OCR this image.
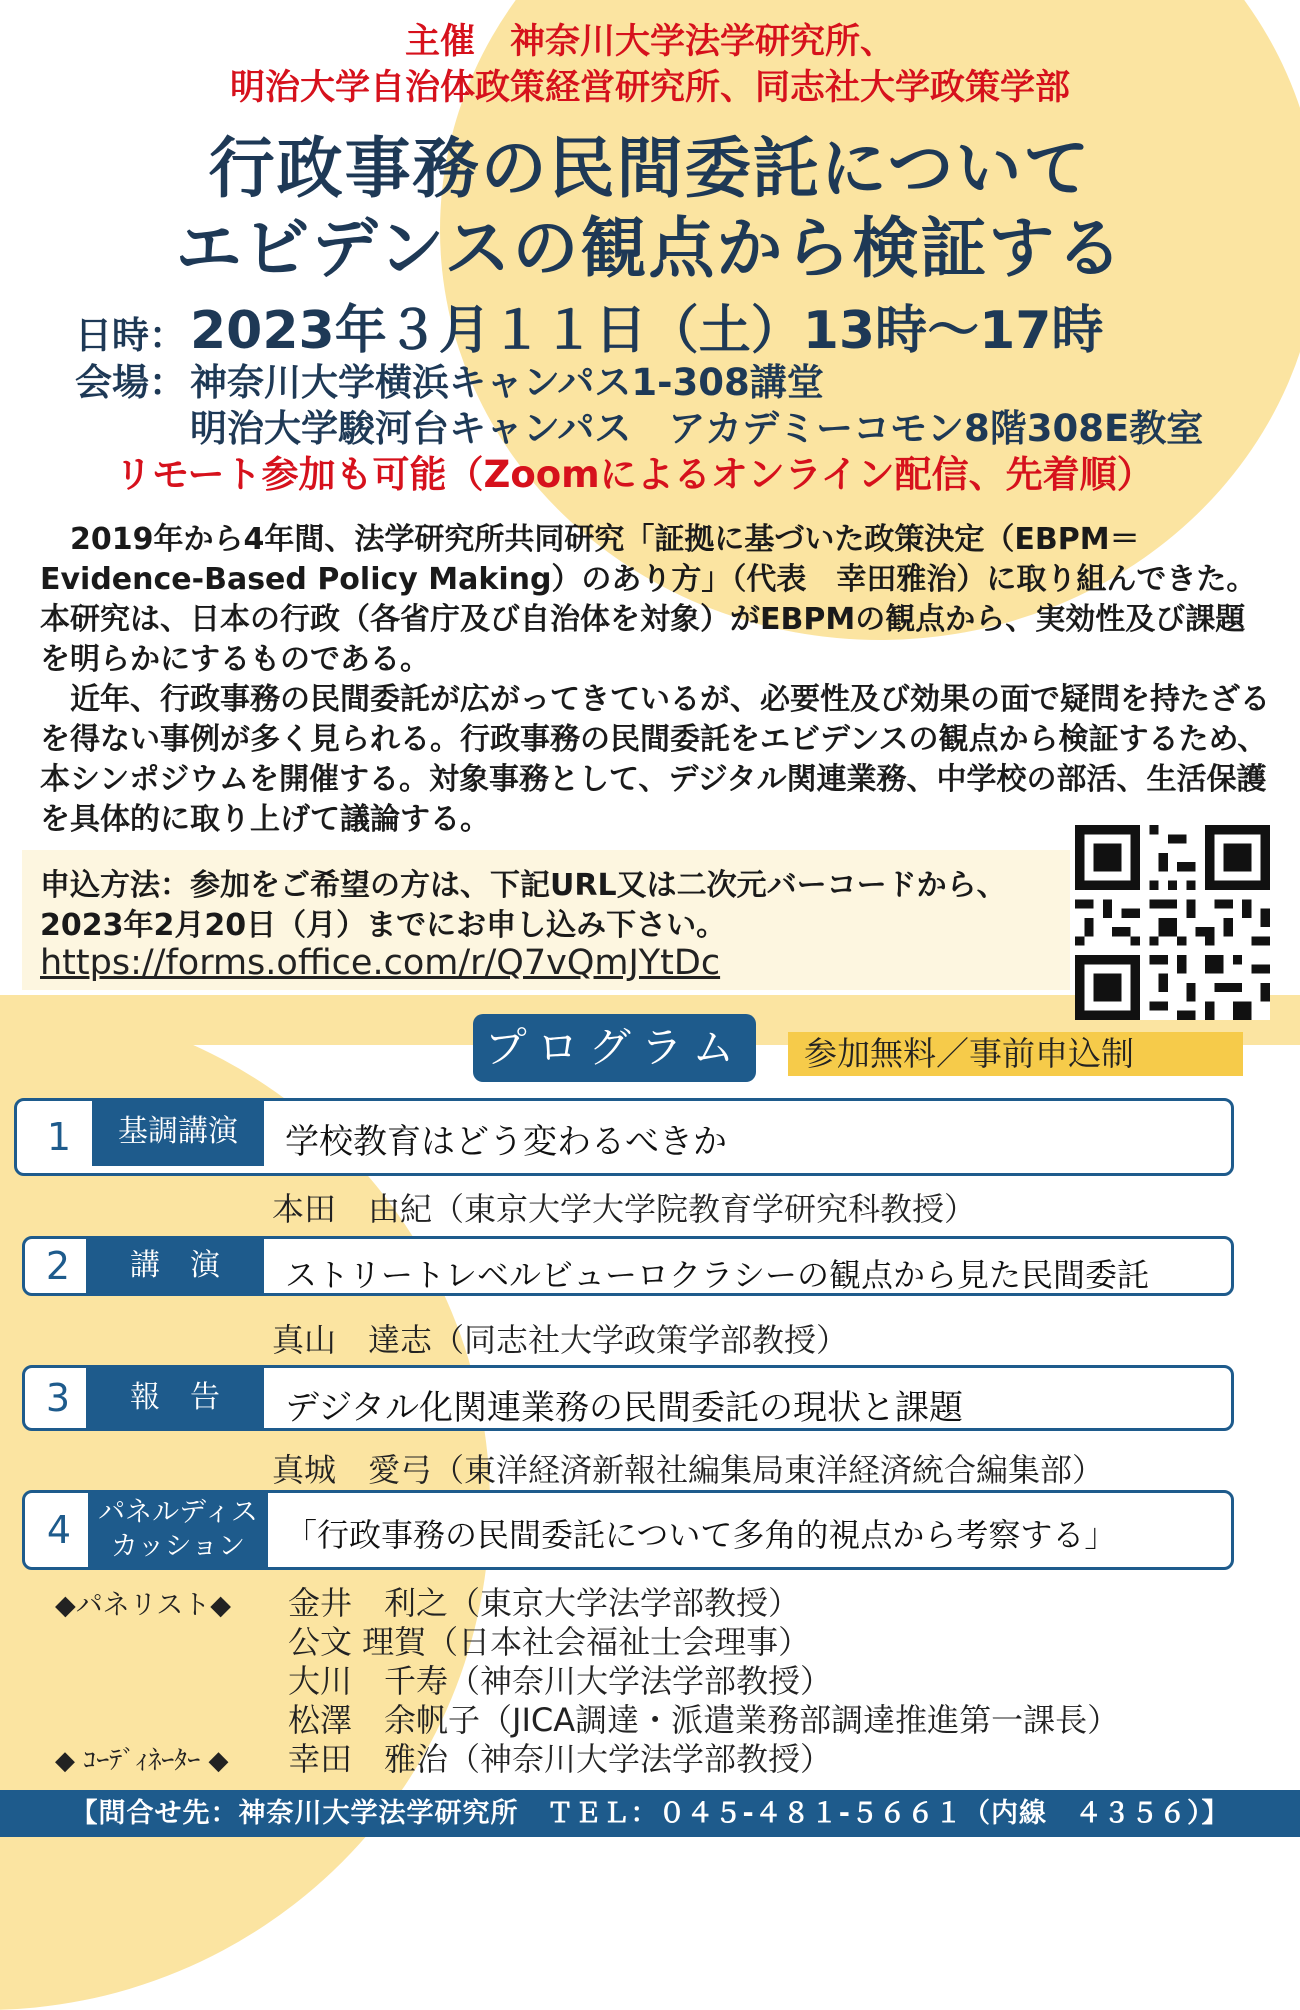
主催　神奈川大学法学研究所、
明治大学自治体政策経営研究所、同志社大学政策学部
行政事務の民間委託について
エビデンスの観点から検証する
日時： 2023年３月１１日（土）13時～17時
会場： 神奈川大学横浜キャンパス1-308講堂
明治大学駿河台キャンパス　アカデミーコモン8階308E教室
リモート参加も可能（Zoomによるオンライン配信、先着順）
　2019年から4年間、法学研究所共同研究「証拠に基づいた政策決定（EBPM＝Evidence-Based Policy Making）のあり方」（代表　幸田雅治）に取り組んできた。本研究は、日本の行政（各省庁及び自治体を対象）がEBPMの観点から、実効性及び課題を明らかにするものである。
　近年、行政事務の民間委託が広がってきているが、必要性及び効果の面で疑問を持たざるを得ない事例が多く見られる。行政事務の民間委託をエビデンスの観点から検証するため、本シンポジウムを開催する。対象事務として、デジタル関連業務、中学校の部活、生活保護を具体的に取り上げて議論する。
申込方法：参加をご希望の方は、下記URL又は二次元バーコードから、
2023年2月20日（月）までにお申し込み下さい。
https://forms.office.com/r/Q7vQmJYtDc
プログラム	参加無料／事前申込制
1	基調講演	学校教育はどう変わるべきか
本田　由紀（東京大学大学院教育学研究科教授）
2	講　演	ストリートレベルビューロクラシーの観点から見た民間委託
真山　達志（同志社大学政策学部教授）
3	報　告	デジタル化関連業務の民間委託の現状と課題
真城　愛弓（東洋経済新報社編集局東洋経済統合編集部）
4 パネルディス
カッション	「行政事務の民間委託について多角的視点から考察する」
◆パネリスト◆ 金井　利之（東京大学法学部教授）
公文 理賀（日本社会福祉士会理事）
大川　千寿（神奈川大学法学部教授）
松澤　余帆子（JICA調達・派遣業務部調達推進第一課長）
◆ ｺｰﾃﾞｨﾈｰﾀｰ ◆ 幸田　雅治（神奈川大学法学部教授）
【問合せ先：神奈川大学法学研究所　ＴＥＬ：０４５-４８１-５６６１（内線　４３５６）】
